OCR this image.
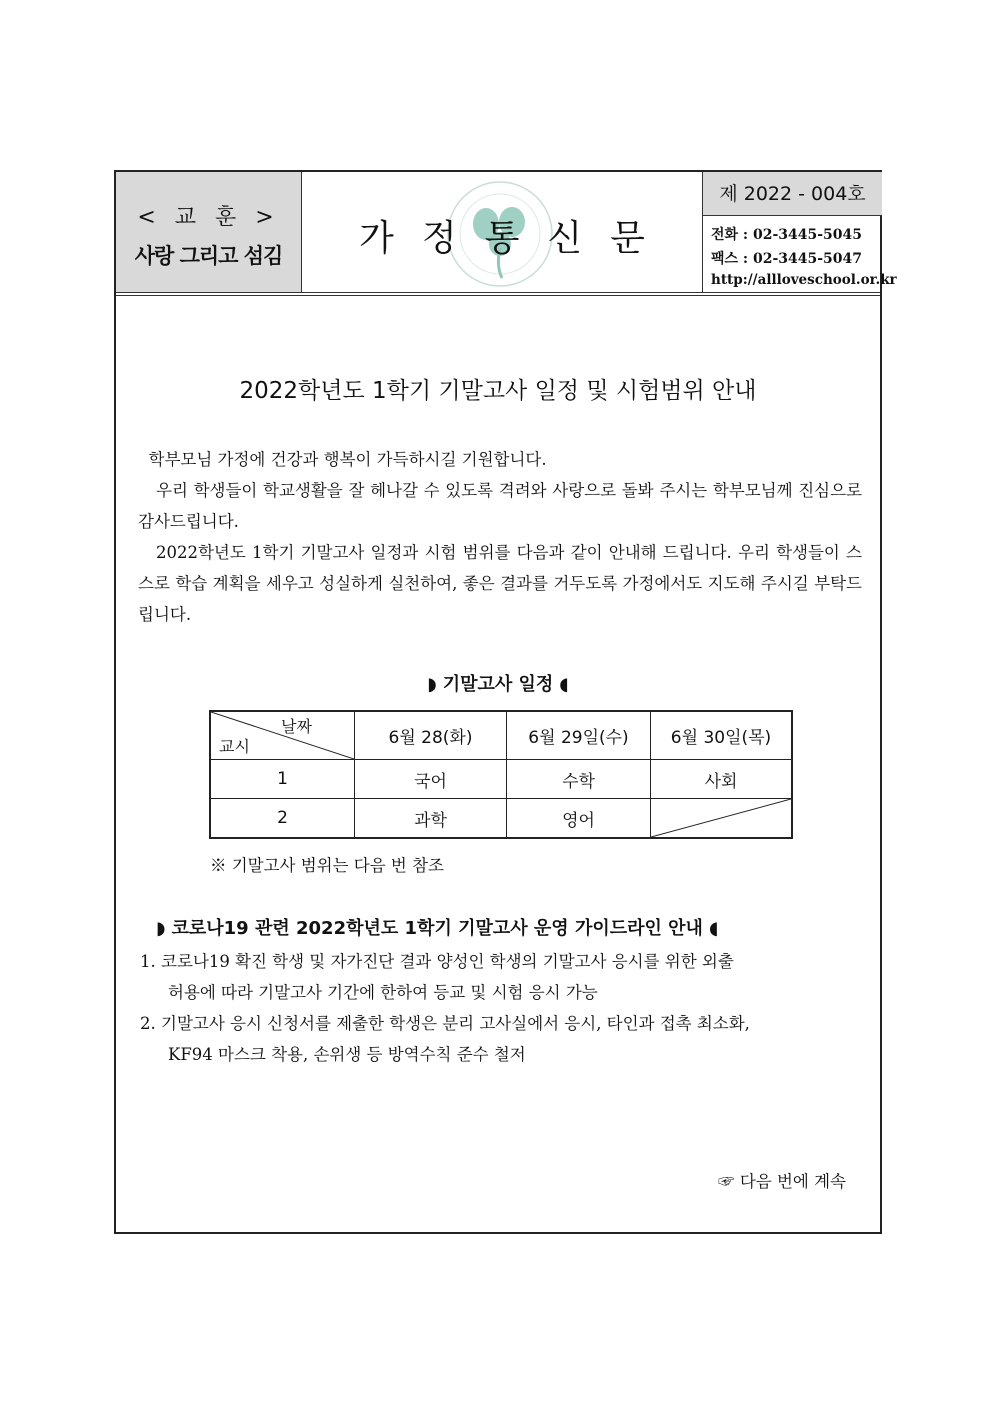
< 교 훈 >
사랑 그리고 섬김	가정통신문
제 2022 - 004호
전화 : 02-3445-5045
팩스 : 02-3445-5047
http://allloveschool.or.kr
2022학년도 1학기 기말고사 일정 및 시험범위 안내
학부모님 가정에 건강과 행복이 가득하시길 기원합니다.
우리 학생들이 학교생활을 잘 헤나갈 수 있도록 격려와 사랑으로 돌봐 주시는 학부모님께 진심으로 감사드립니다.
2022학년도 1학기 기말고사 일정과 시험 범위를 다음과 같이 안내해 드립니다. 우리 학생들이 스스로 학습 계획을 세우고 성실하게 실천하여, 좋은 결과를 거두도록 가정에서도 지도해 주시길 부탁드립니다.
◗ 기말고사 일정 ◖
날짜
교시	6월 28(화)	6월 29일(수)	6월 30일(목)
1	국어	수학	사회
2	과학	영어	
※ 기말고사 범위는 다음 번 참조
◗ 코로나19 관련 2022학년도 1학기 기말고사 운영 가이드라인 안내 ◖
1. 코로나19 확진 학생 및 자가진단 결과 양성인 학생의 기말고사 응시를 위한 외출
허용에 따라 기말고사 기간에 한하여 등교 및 시험 응시 가능
2. 기말고사 응시 신청서를 제출한 학생은 분리 고사실에서 응시, 타인과 접촉 최소화,
KF94 마스크 착용, 손위생 등 방역수칙 준수 철저
☞ 다음 번에 계속
